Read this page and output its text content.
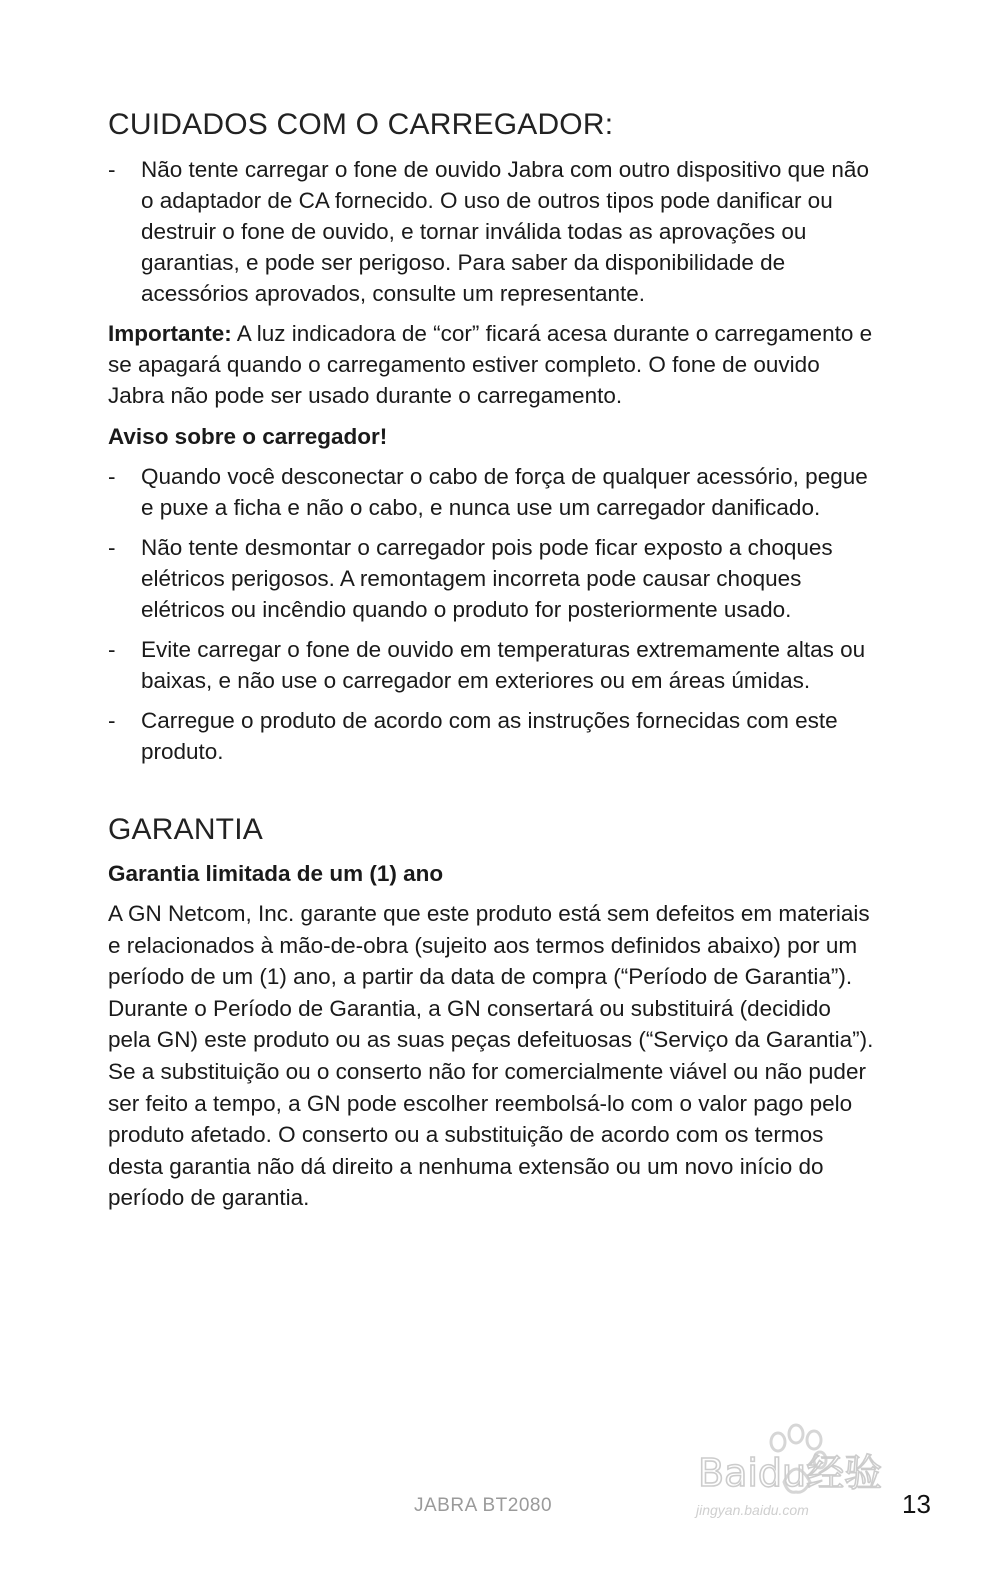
CUIDADOS COM O CARREGADOR:
- Não tente carregar o fone de ouvido Jabra com outro dispositivo que não o adaptador de CA fornecido. O uso de outros tipos pode danificar ou destruir o fone de ouvido, e tornar inválida todas as aprovações ou garantias, e pode ser perigoso. Para saber da disponibilidade de acessórios aprovados, consulte um representante.

Importante: A luz indicadora de “cor” ficará acesa durante o carregamento e se apagará quando o carregamento estiver completo. O fone de ouvido Jabra não pode ser usado durante o carregamento.

Aviso sobre o carregador!
- Quando você desconectar o cabo de força de qualquer acessório, pegue e puxe a ficha e não o cabo, e nunca use um carregador danificado.
- Não tente desmontar o carregador pois pode ficar exposto a choques elétricos perigosos. A remontagem incorreta pode causar choques elétricos ou incêndio quando o produto for posteriormente usado.
- Evite carregar o fone de ouvido em temperaturas extremamente altas ou baixas, e não use o carregador em exteriores ou em áreas úmidas.
- Carregue o produto de acordo com as instruções fornecidas com este produto.
GARANTIA
Garantia limitada de um (1) ano

A GN Netcom, Inc. garante que este produto está sem defeitos em materiais e relacionados à mão-de-obra (sujeito aos termos definidos abaixo) por um período de um (1) ano, a partir da data de compra (“Período de Garantia”). Durante o Período de Garantia, a GN consertará ou substituirá (decidido pela GN) este produto ou as suas peças defeituosas (“Serviço da Garantia”). Se a substituição ou o conserto não for comercialmente viável ou não puder ser feito a tempo, a GN pode escolher reembolsá-lo com o valor pago pelo produto afetado. O conserto ou a substituição de acordo com os termos desta garantia não dá direito a nenhuma extensão ou um novo início do período de garantia.

Baidu经验
jingyan.baidu.com
JABRA BT2080	13
